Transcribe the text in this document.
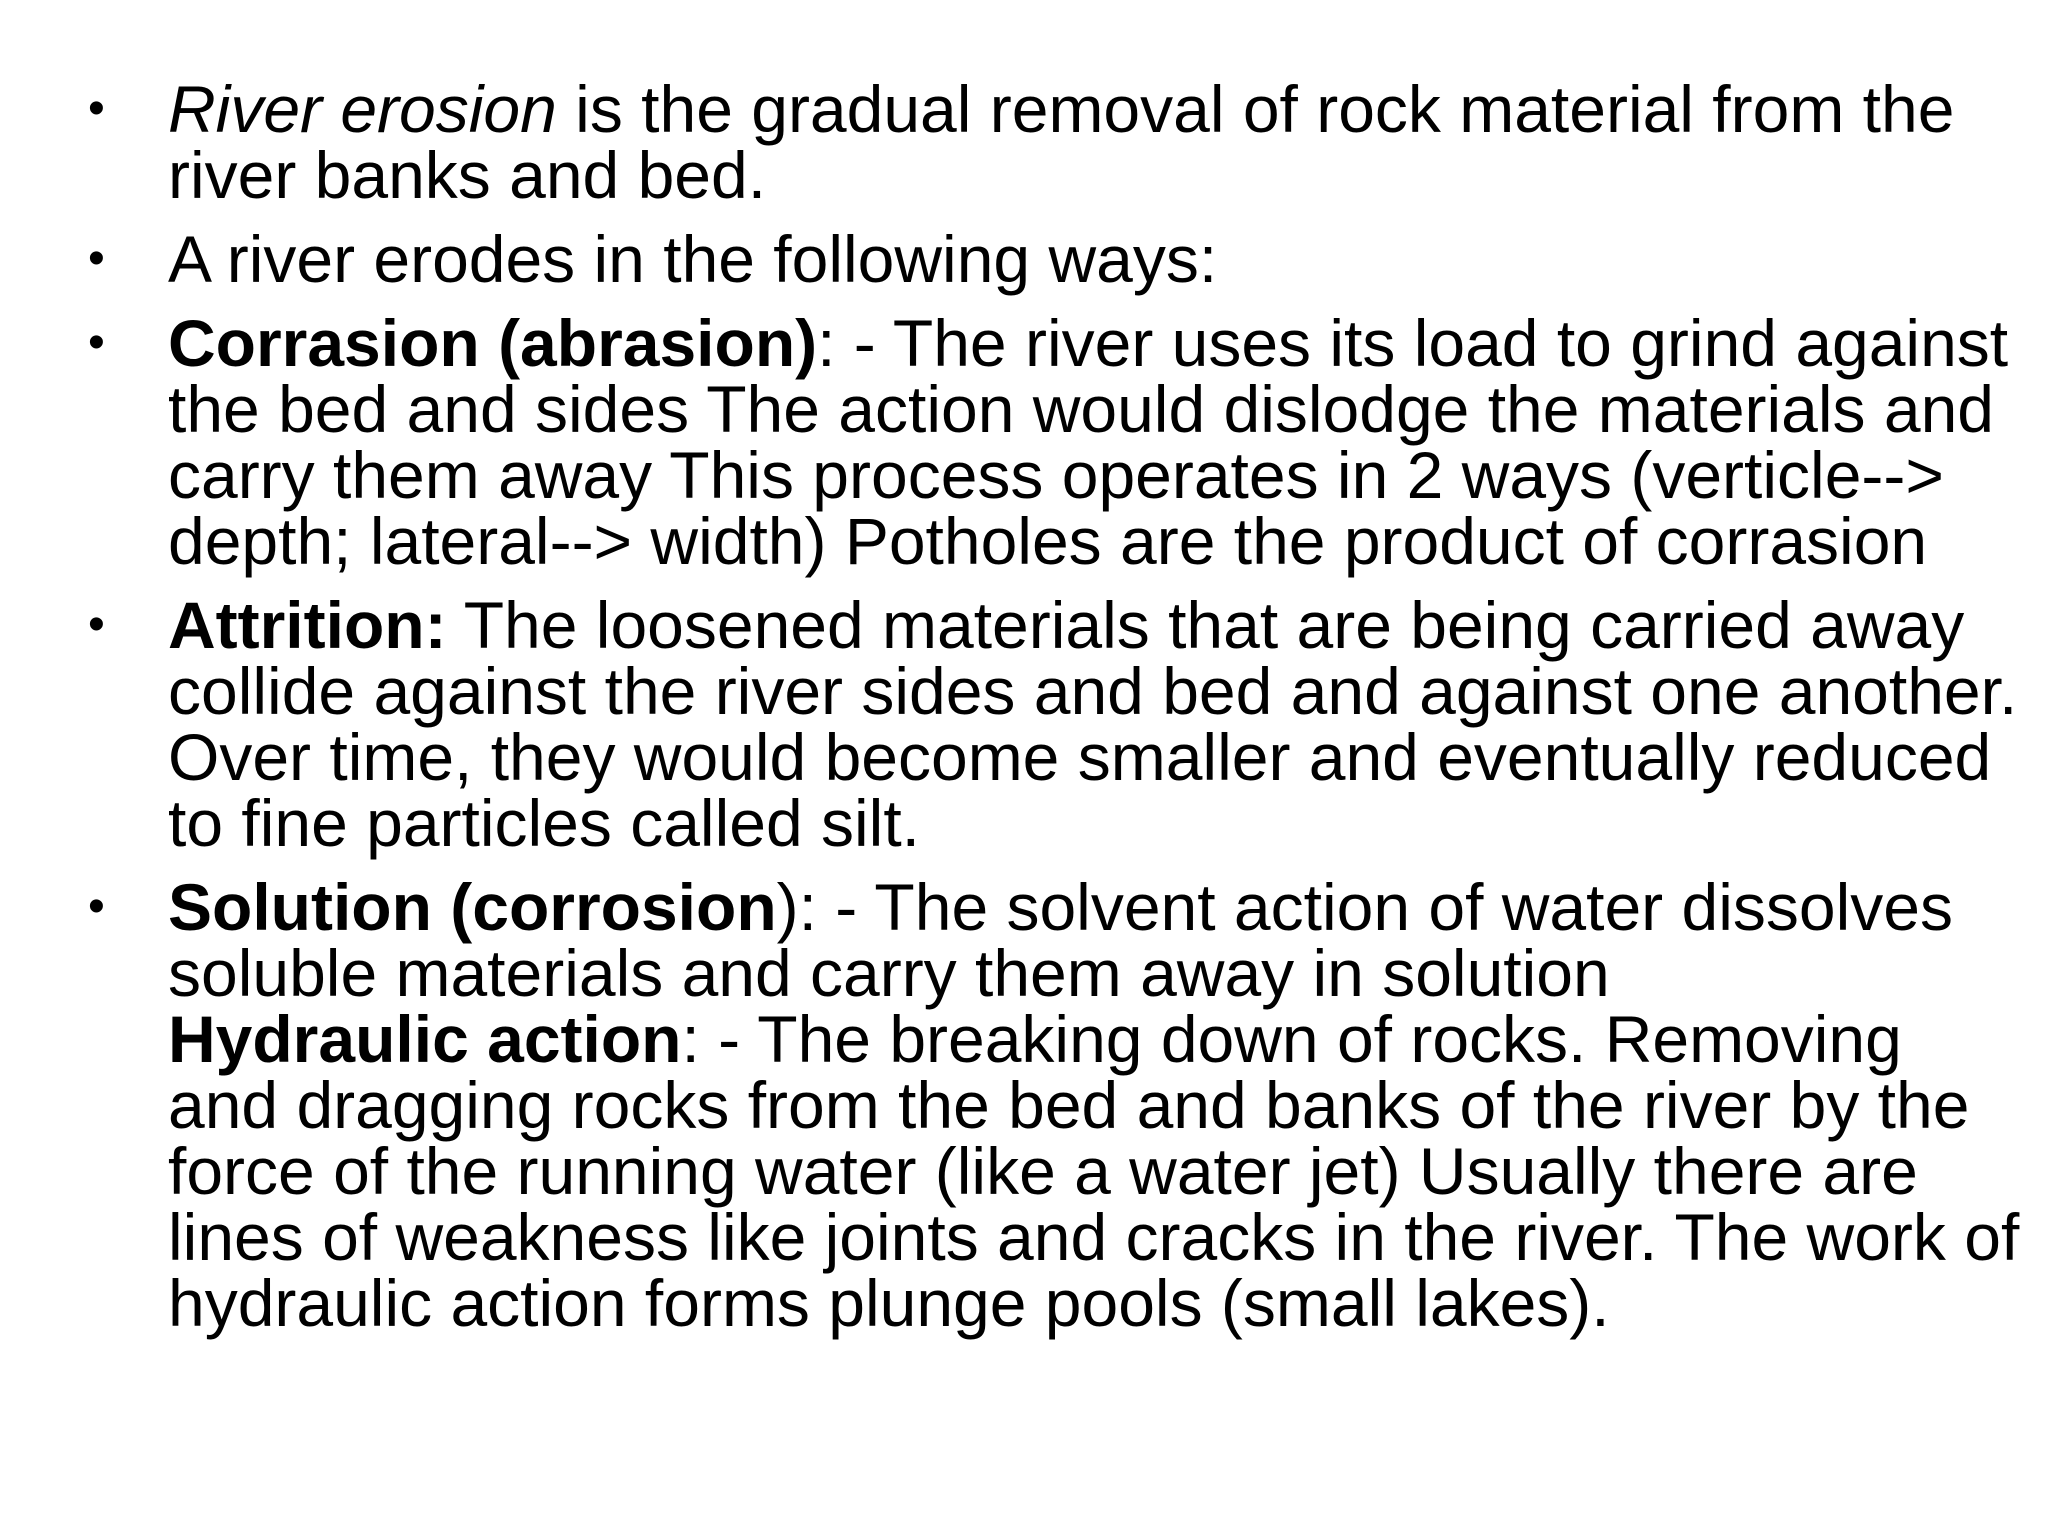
• River erosion is the gradual removal of rock material from the river banks and bed.
• A river erodes in the following ways:
• Corrasion (abrasion): - The river uses its load to grind against the bed and sides The action would dislodge the materials and carry them away This process operates in 2 ways (verticle--> depth; lateral--> width) Potholes are the product of corrasion
• Attrition: The loosened materials that are being carried away collide against the river sides and bed and against one another. Over time, they would become smaller and eventually reduced to fine particles called silt.
• Solution (corrosion): - The solvent action of water dissolves soluble materials and carry them away in solution
Hydraulic action: - The breaking down of rocks. Removing and dragging rocks from the bed and banks of the river by the force of the running water (like a water jet) Usually there are lines of weakness like joints and cracks in the river. The work of hydraulic action forms plunge pools (small lakes).
